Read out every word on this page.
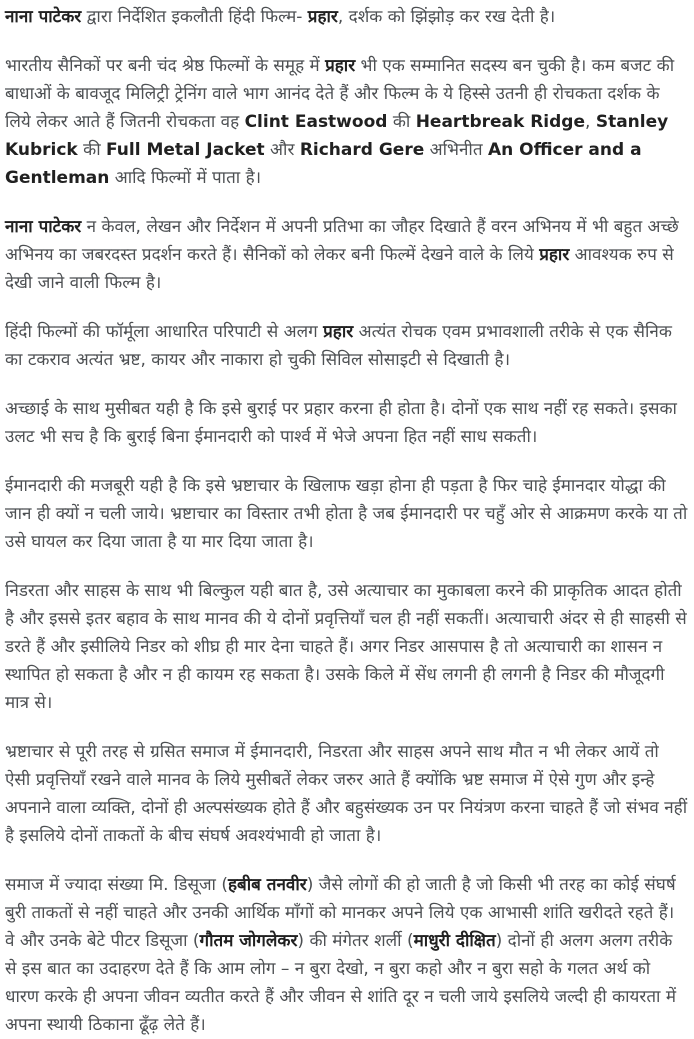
नाना पाटेकर द्वारा निर्देशित इकलौती हिंदी फिल्म- प्रहार, दर्शक को झिंझोड़ कर रख देती है।

भारतीय सैनिकों पर बनी चंद श्रेष्ठ फिल्मों के समूह में प्रहार भी एक सम्मानित सदस्य बन चुकी है। कम बजट की बाधाओं के बावजूद मिलिट्री ट्रेनिंग वाले भाग आनंद देते हैं और फिल्म के ये हिस्से उतनी ही रोचकता दर्शक के लिये लेकर आते हैं जितनी रोचकता वह Clint Eastwood की Heartbreak Ridge, Stanley Kubrick की Full Metal Jacket और Richard Gere अभिनीत An Officer and a Gentleman आदि फिल्मों में पाता है।

नाना पाटेकर न केवल, लेखन और निर्देशन में अपनी प्रतिभा का जौहर दिखाते हैं वरन अभिनय में भी बहुत अच्छे अभिनय का जबरदस्त प्रदर्शन करते हैं। सैनिकों को लेकर बनी फिल्में देखने वाले के लिये प्रहार आवश्यक रुप से देखी जाने वाली फिल्म है।

हिंदी फिल्मों की फॉर्मूला आधारित परिपाटी से अलग प्रहार अत्यंत रोचक एवम प्रभावशाली तरीके से एक सैनिक का टकराव अत्यंत भ्रष्ट, कायर और नाकारा हो चुकी सिविल सोसाइटी से दिखाती है।

अच्छाई के साथ मुसीबत यही है कि इसे बुराई पर प्रहार करना ही होता है। दोनों एक साथ नहीं रह सकते। इसका उलट भी सच है कि बुराई बिना ईमानदारी को पार्श्व में भेजे अपना हित नहीं साध सकती।

ईमानदारी की मजबूरी यही है कि इसे भ्रष्टाचार के खिलाफ खड़ा होना ही पड़ता है फिर चाहे ईमानदार योद्धा की जान ही क्यों न चली जाये। भ्रष्टाचार का विस्तार तभी होता है जब ईमानदारी पर चहुँ ओर से आक्रमण करके या तो उसे घायल कर दिया जाता है या मार दिया जाता है।

निडरता और साहस के साथ भी बिल्कुल यही बात है, उसे अत्याचार का मुकाबला करने की प्राकृतिक आदत होती है और इससे इतर बहाव के साथ मानव की ये दोनों प्रवृत्तियाँ चल ही नहीं सकतीं। अत्याचारी अंदर से ही साहसी से डरते हैं और इसीलिये निडर को शीघ्र ही मार देना चाहते हैं। अगर निडर आसपास है तो अत्याचारी का शासन न स्थापित हो सकता है और न ही कायम रह सकता है। उसके किले में सेंध लगनी ही लगनी है निडर की मौजूदगी मात्र से।

भ्रष्टाचार से पूरी तरह से ग्रसित समाज में ईमानदारी, निडरता और साहस अपने साथ मौत न भी लेकर आयें तो ऐसी प्रवृत्तियाँ रखने वाले मानव के लिये मुसीबतें लेकर जरुर आते हैं क्योंकि भ्रष्ट समाज में ऐसे गुण और इन्हे अपनाने वाला व्यक्ति, दोनों ही अल्पसंख्यक होते हैं और बहुसंख्यक उन पर नियंत्रण करना चाहते हैं जो संभव नहीं है इसलिये दोनों ताकतों के बीच संघर्ष अवश्यंभावी हो जाता है।

समाज में ज्यादा संख्या मि. डिसूजा (हबीब तनवीर) जैसे लोगों की हो जाती है जो किसी भी तरह का कोई संघर्ष बुरी ताकतों से नहीं चाहते और उनकी आर्थिक माँगों को मानकर अपने लिये एक आभासी शांति खरीदते रहते हैं। वे और उनके बेटे पीटर डिसूजा (गौतम जोगलेकर) की मंगेतर शर्ली (माधुरी दीक्षित) दोनों ही अलग अलग तरीके से इस बात का उदाहरण देते हैं कि आम लोग – न बुरा देखो, न बुरा कहो और न बुरा सहो के गलत अर्थ को धारण करके ही अपना जीवन व्यतीत करते हैं और जीवन से शांति दूर न चली जाये इसलिये जल्दी ही कायरता में अपना स्थायी ठिकाना ढूँढ़ लेते हैं।
